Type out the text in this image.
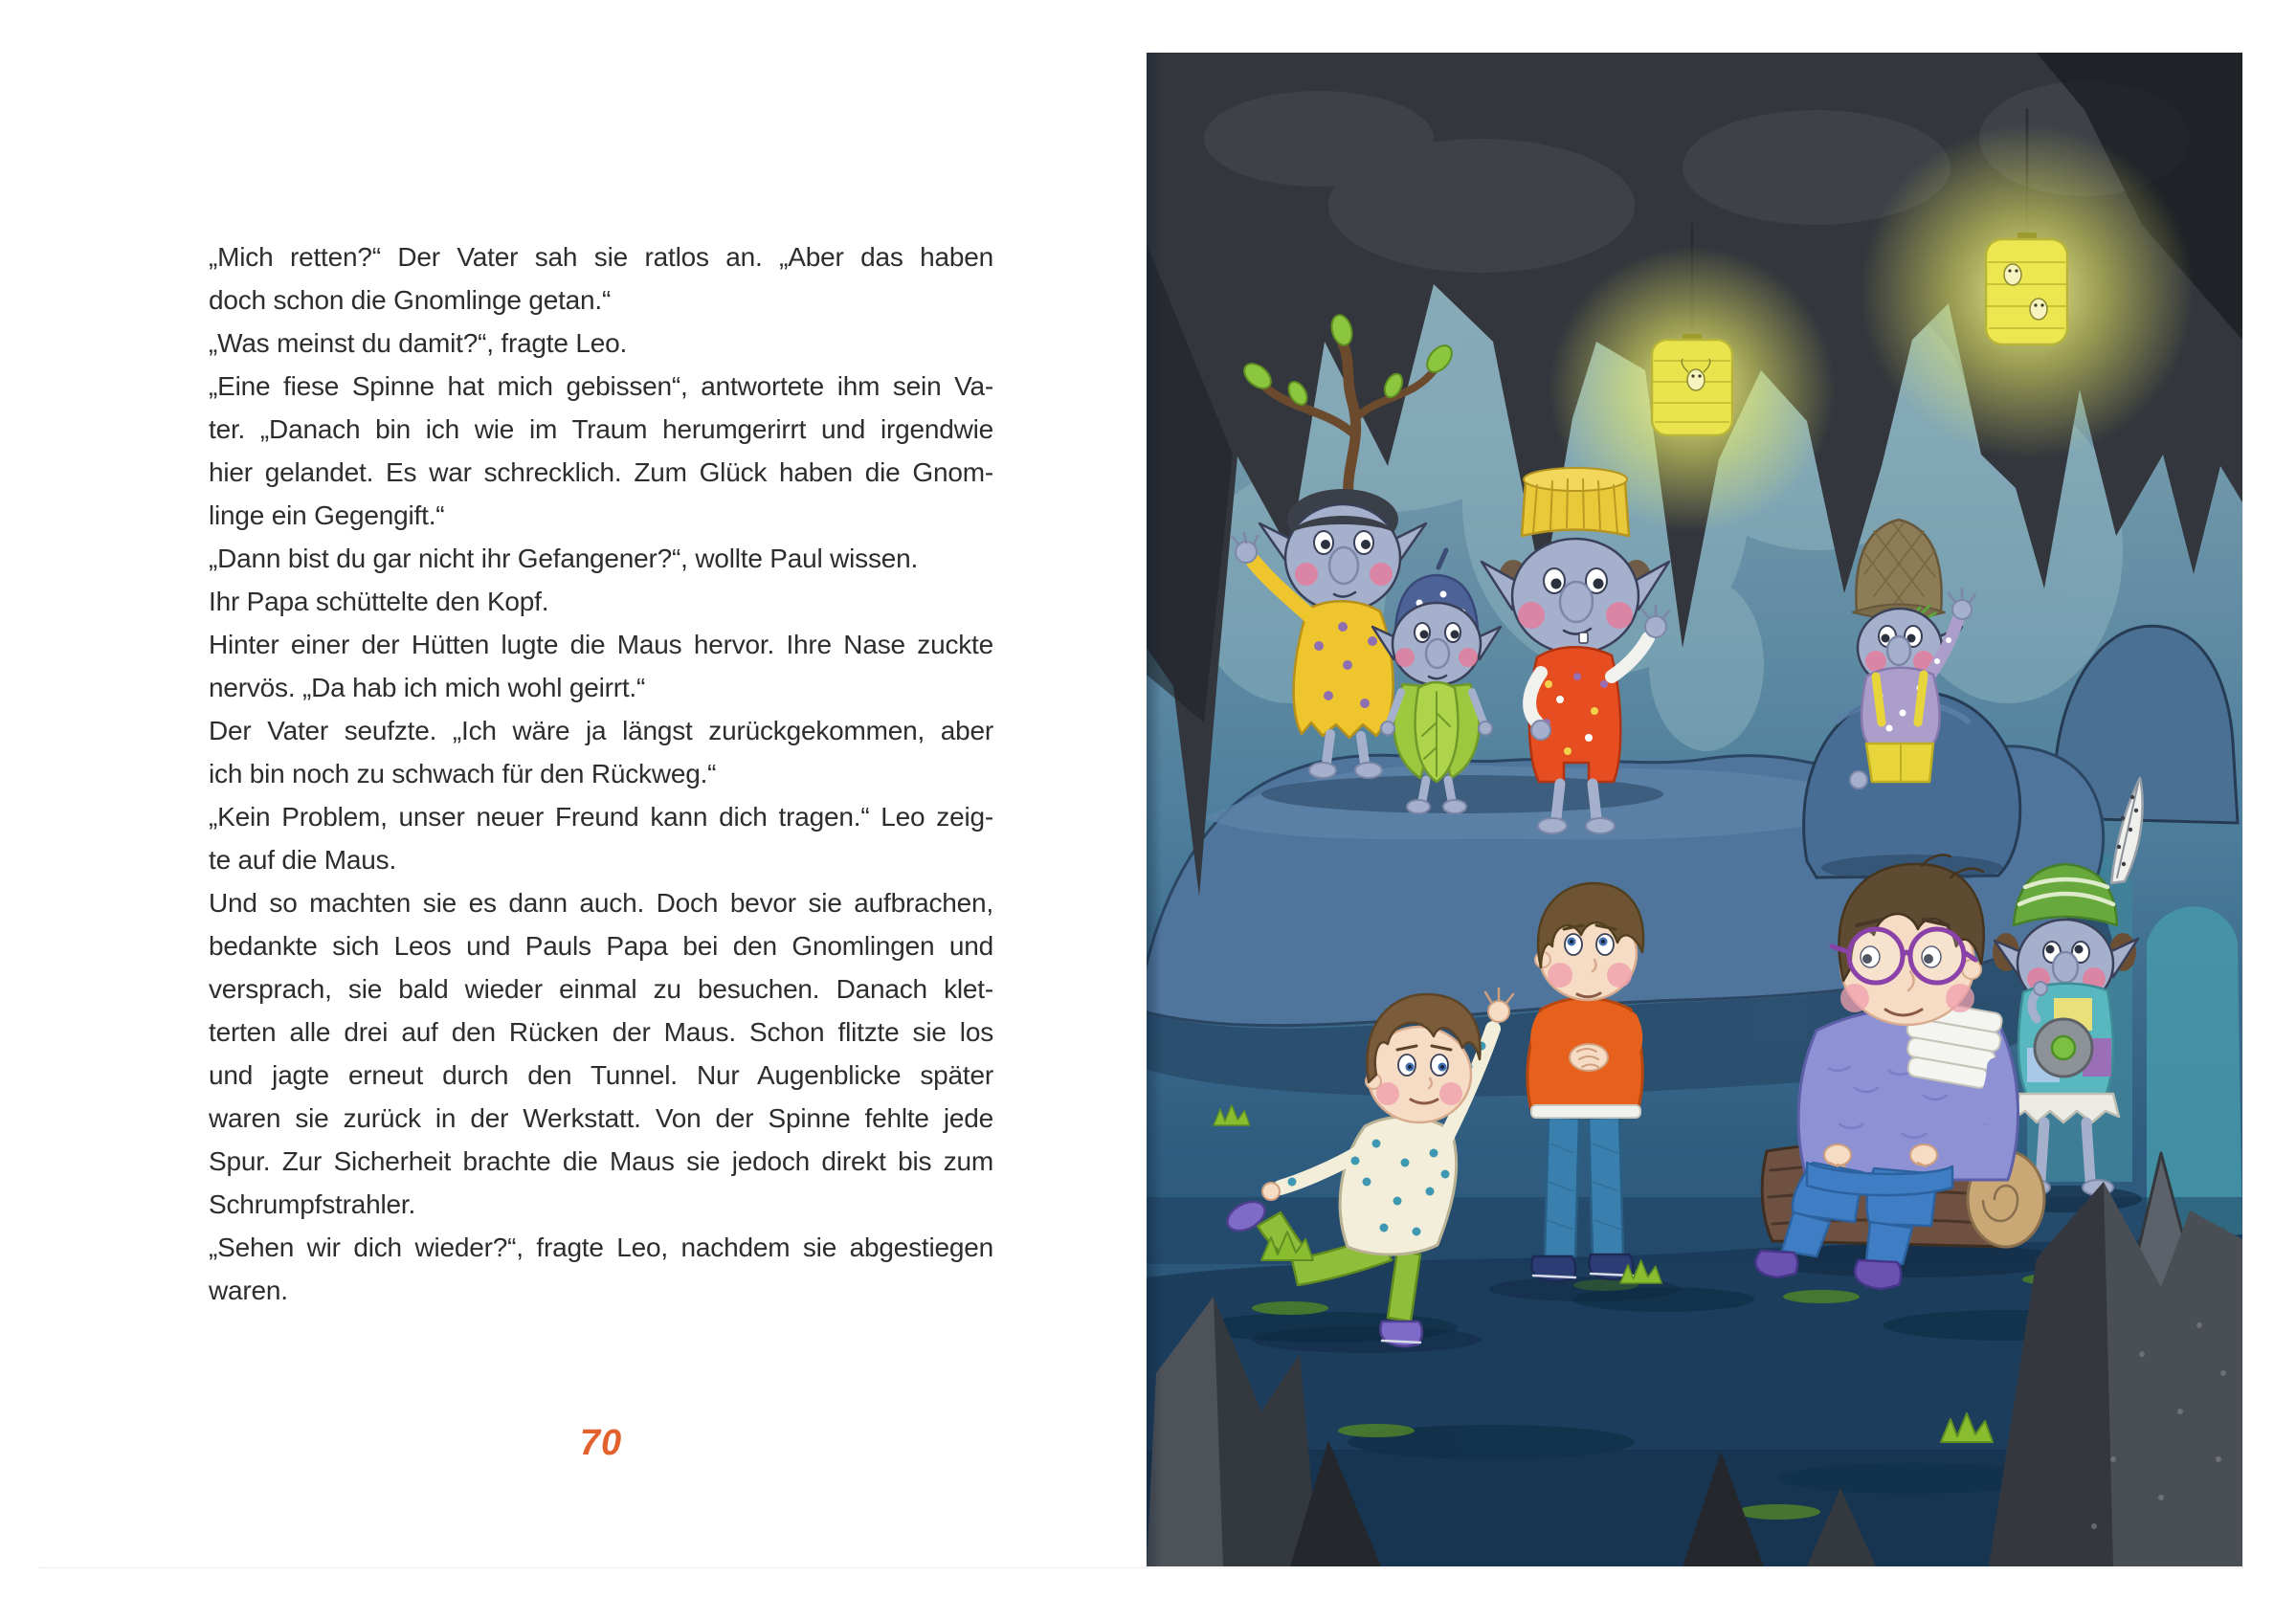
„Mich retten?“ Der Vater sah sie ratlos an. „Aber das haben
doch schon die Gnomlinge getan.“
„Was meinst du damit?“, fragte Leo.
„Eine fiese Spinne hat mich gebissen“, antwortete ihm sein Va-
ter. „Danach bin ich wie im Traum herumgerirrt und irgendwie
hier gelandet. Es war schrecklich. Zum Glück haben die Gnom-
linge ein Gegengift.“
„Dann bist du gar nicht ihr Gefangener?“, wollte Paul wissen.
Ihr Papa schüttelte den Kopf.
Hinter einer der Hütten lugte die Maus hervor. Ihre Nase zuckte
nervös. „Da hab ich mich wohl geirrt.“
Der Vater seufzte. „Ich wäre ja längst zurückgekommen, aber
ich bin noch zu schwach für den Rückweg.“
„Kein Problem, unser neuer Freund kann dich tragen.“ Leo zeig-
te auf die Maus.
Und so machten sie es dann auch. Doch bevor sie aufbrachen,
bedankte sich Leos und Pauls Papa bei den Gnomlingen und
versprach, sie bald wieder einmal zu besuchen. Danach klet-
terten alle drei auf den Rücken der Maus. Schon flitzte sie los
und jagte erneut durch den Tunnel. Nur Augenblicke später
waren sie zurück in der Werkstatt. Von der Spinne fehlte jede
Spur. Zur Sicherheit brachte die Maus sie jedoch direkt bis zum
Schrumpfstrahler.
„Sehen wir dich wieder?“, fragte Leo, nachdem sie abgestiegen
waren.
70
